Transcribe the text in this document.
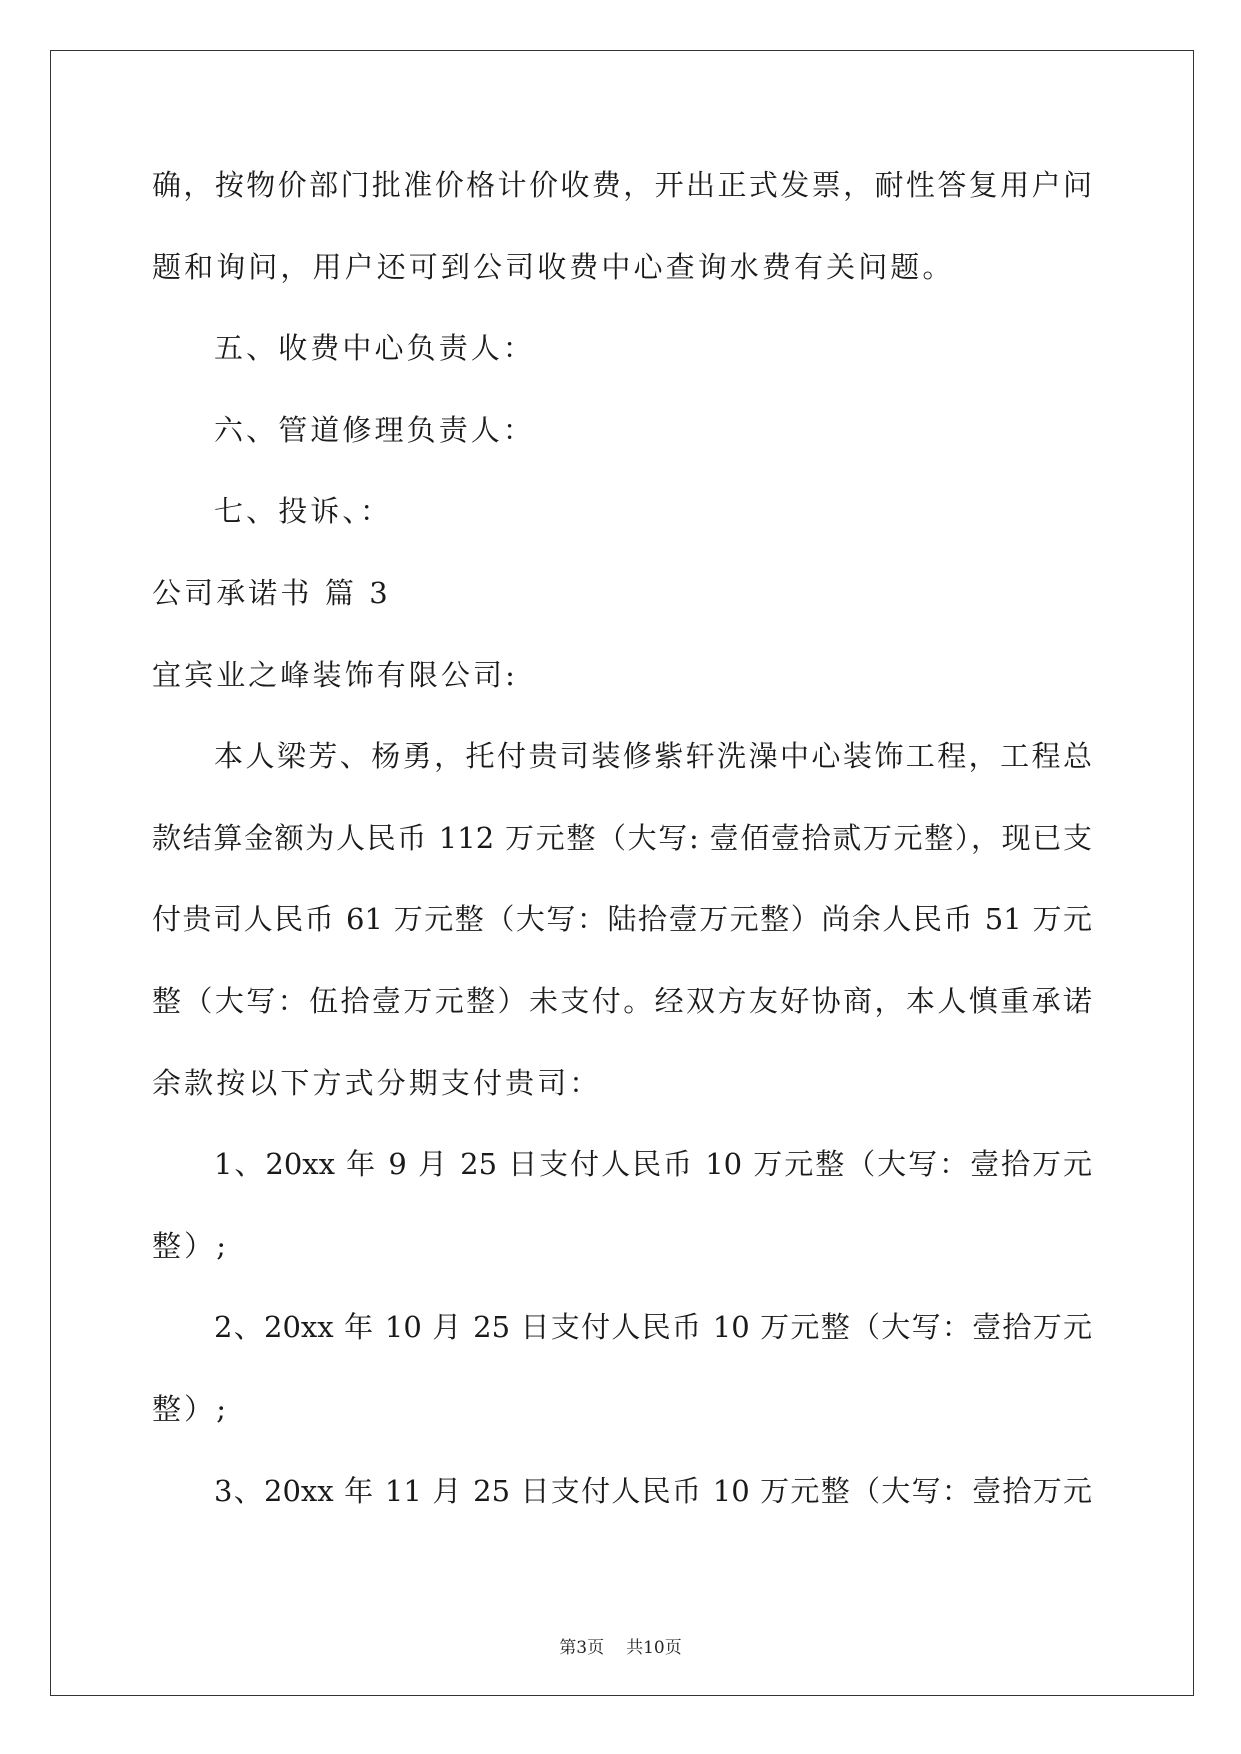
确，按物价部门批准价格计价收费，开出正式发票，耐性答复用户问
题和询问，用户还可到公司收费中心查询水费有关问题。
五、收费中心负责人：
六、管道修理负责人：
七、投诉、：
公司承诺书 篇 3
宜宾业之峰装饰有限公司:
本人梁芳、杨勇，托付贵司装修紫轩洗澡中心装饰工程，工程总
款结算金额为人民币 112 万元整（大写: 壹佰壹拾贰万元整），现已支
付贵司人民币 61 万元整（大写：陆拾壹万元整）尚余人民币 51 万元
整（大写：伍拾壹万元整）未支付。经双方友好协商，本人慎重承诺
余款按以下方式分期支付贵司：
1、20xx 年 9 月 25 日支付人民币 10 万元整（大写：壹拾万元
整）;
2、20xx 年 10 月 25 日支付人民币 10 万元整（大写：壹拾万元
整）;
3、20xx 年 11 月 25 日支付人民币 10 万元整（大写：壹拾万元
第3页 共10页
